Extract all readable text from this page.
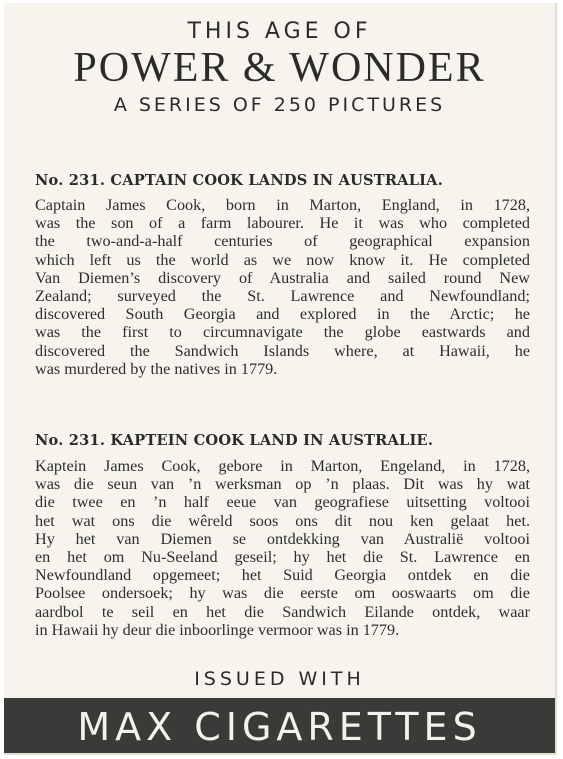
THIS AGE OF
POWER & WONDER
A SERIES OF 250 PICTURES
No. 231. CAPTAIN COOK LANDS IN AUSTRALIA.
Captain James Cook, born in Marton, England, in 1728,
was the son of a farm labourer. He it was who completed
the two-and-a-half centuries of geographical expansion
which left us the world as we now know it. He completed
Van Diemen’s discovery of Australia and sailed round New
Zealand; surveyed the St. Lawrence and Newfoundland;
discovered South Georgia and explored in the Arctic; he
was the first to circumnavigate the globe eastwards and
discovered the Sandwich Islands where, at Hawaii, he
was murdered by the natives in 1779.
No. 231. KAPTEIN COOK LAND IN AUSTRALIE.
Kaptein James Cook, gebore in Marton, Engeland, in 1728,
was die seun van ’n werksman op ’n plaas. Dit was hy wat
die twee en ’n half eeue van geografiese uitsetting voltooi
het wat ons die wêreld soos ons dit nou ken gelaat het.
Hy het van Diemen se ontdekking van Australië voltooi
en het om Nu-Seeland geseil; hy het die St. Lawrence en
Newfoundland opgemeet; het Suid Georgia ontdek en die
Poolsee ondersoek; hy was die eerste om ooswaarts om die
aardbol te seil en het die Sandwich Eilande ontdek, waar
in Hawaii hy deur die inboorlinge vermoor was in 1779.
ISSUED WITH
MAX CIGARETTES
